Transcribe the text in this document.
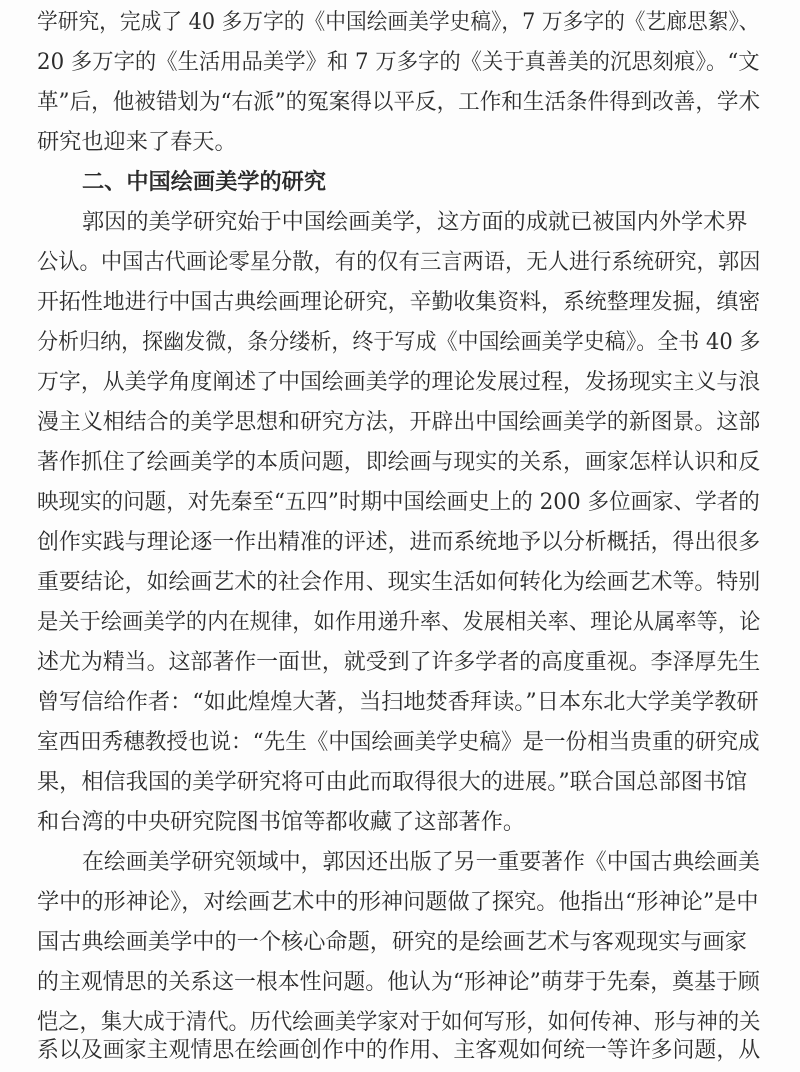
学研究，完成了 40 多万字的《中国绘画美学史稿》，7 万多字的《艺廊思絮》、
20 多万字的《生活用品美学》和 7 万多字的《关于真善美的沉思刻痕》。“文
革”后，他被错划为“右派”的冤案得以平反，工作和生活条件得到改善，学术
研究也迎来了春天。
二、中国绘画美学的研究
郭因的美学研究始于中国绘画美学，这方面的成就已被国内外学术界
公认。中国古代画论零星分散，有的仅有三言两语，无人进行系统研究，郭因
开拓性地进行中国古典绘画理论研究，辛勤收集资料，系统整理发掘，缜密
分析归纳，探幽发微，条分缕析，终于写成《中国绘画美学史稿》。全书 40 多
万字，从美学角度阐述了中国绘画美学的理论发展过程，发扬现实主义与浪
漫主义相结合的美学思想和研究方法，开辟出中国绘画美学的新图景。这部
著作抓住了绘画美学的本质问题，即绘画与现实的关系，画家怎样认识和反
映现实的问题，对先秦至“五四”时期中国绘画史上的 200 多位画家、学者的
创作实践与理论逐一作出精准的评述，进而系统地予以分析概括，得出很多
重要结论，如绘画艺术的社会作用、现实生活如何转化为绘画艺术等。特别
是关于绘画美学的内在规律，如作用递升率、发展相关率、理论从属率等，论
述尤为精当。这部著作一面世，就受到了许多学者的高度重视。李泽厚先生
曾写信给作者：“如此煌煌大著，当扫地焚香拜读。”日本东北大学美学教研
室西田秀穗教授也说：“先生《中国绘画美学史稿》是一份相当贵重的研究成
果，相信我国的美学研究将可由此而取得很大的进展。”联合国总部图书馆
和台湾的中央研究院图书馆等都收藏了这部著作。
在绘画美学研究领域中，郭因还出版了另一重要著作《中国古典绘画美
学中的形神论》，对绘画艺术中的形神问题做了探究。他指出“形神论”是中
国古典绘画美学中的一个核心命题，研究的是绘画艺术与客观现实与画家
的主观情思的关系这一根本性问题。他认为“形神论”萌芽于先秦，奠基于顾
恺之，集大成于清代。历代绘画美学家对于如何写形，如何传神、形与神的关
系以及画家主观情思在绘画创作中的作用、主客观如何统一等许多问题，从
